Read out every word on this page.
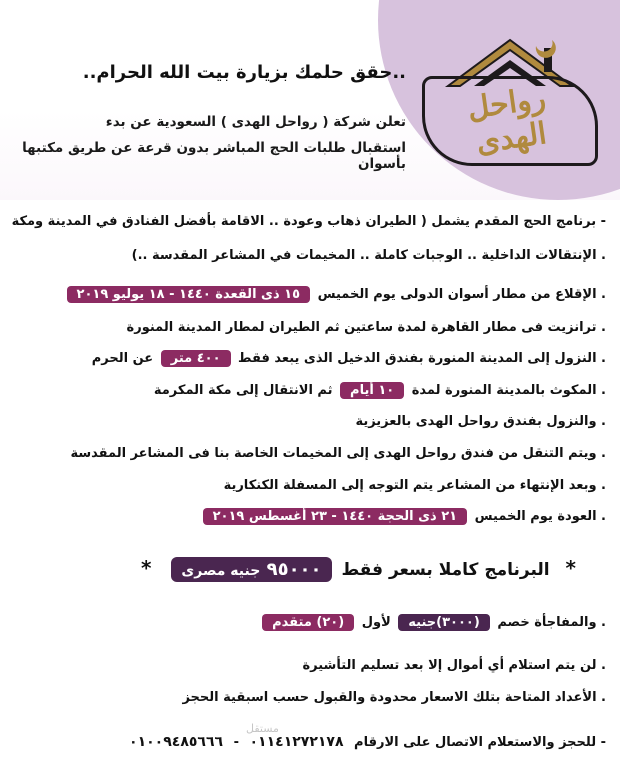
رواحل الهدى
..حقق حلمك بزيارة بيت الله الحرام..
تعلن شركة ( رواحل الهدى ) السعودية عن بدء
استقبال طلبات الحج المباشر بدون قرعة عن طريق مكتبها بأسوان
- برنامج الحج المقدم يشمل ( الطيران ذهاب وعودة .. الاقامة بأفضل الفنادق في المدينة ومكة
. الإنتقالات الداخلية .. الوجبات كاملة .. المخيمات في المشاعر المقدسة ..)
. الإقلاع من مطار أسوان الدولى يوم الخميس ١٥ ذى القعدة ١٤٤٠ - ١٨ يوليو ٢٠١٩
. ترانزيت فى مطار القاهرة لمدة ساعتين ثم الطيران لمطار المدينة المنورة
. النزول إلى المدينة المنورة بفندق الدخيل الذى يبعد فقط ٤٠٠ متر عن الحرم
. المكوث بالمدينة المنورة لمدة ١٠ أيام ثم الانتقال إلى مكة المكرمة
. والنزول بفندق رواحل الهدى بالعزيزية
. ويتم التنقل من فندق رواحل الهدى إلى المخيمات الخاصة بنا فى المشاعر المقدسة
. وبعد الإنتهاء من المشاعر يتم التوجه إلى المسفلة الكنكارية
. العودة يوم الخميس ٢١ ذى الحجة ١٤٤٠ - ٢٣ أغسطس ٢٠١٩
* البرنامج كاملا بسعر فقط ٩٥٠٠٠ جنيه مصرى *
. والمفاجأة خصم (٣٠٠٠)جنيه لأول (٢٠) متقدم
. لن يتم استلام أي أموال إلا بعد تسليم التأشيرة
. الأعداد المتاحة بتلك الاسعار محدودة والقبول حسب اسبقية الحجز
- للحجز والاستعلام الاتصال على الارقام ٠١١٤١٢٧٢١٧٨ - ٠١٠٠٩٤٨٥٦٦٦
مستقل
